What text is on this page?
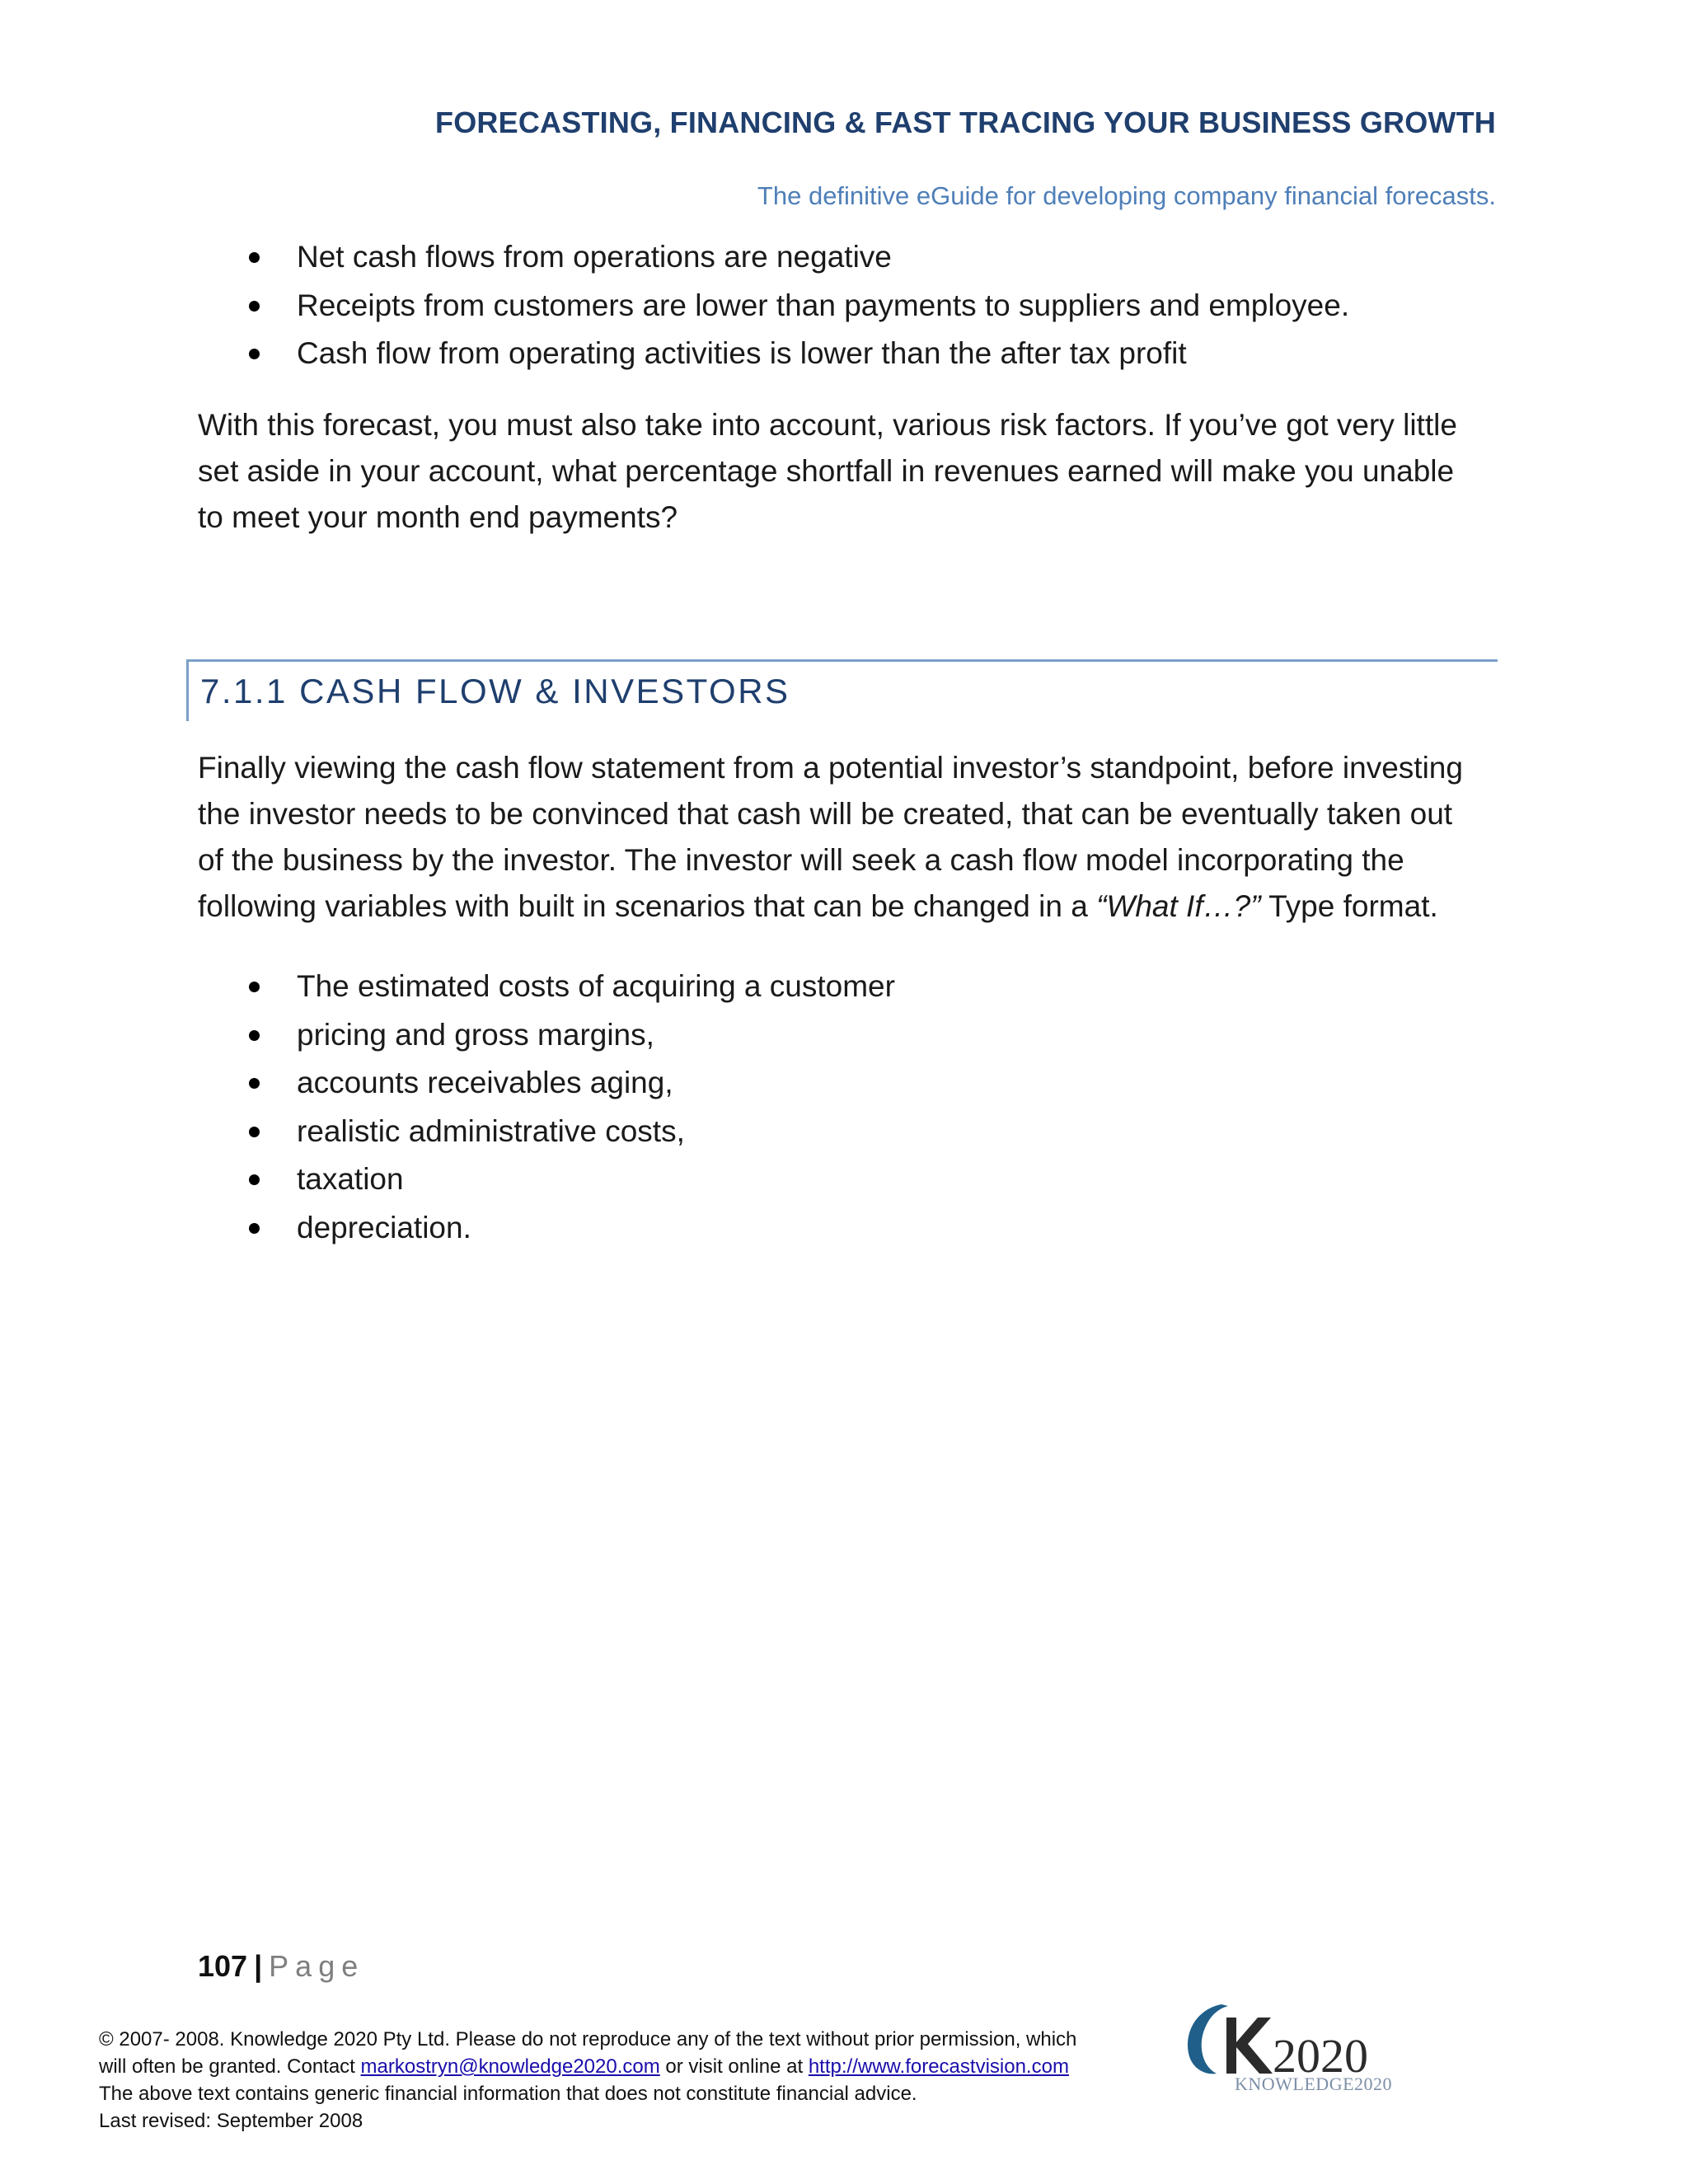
FORECASTING, FINANCING & FAST TRACING YOUR BUSINESS GROWTH
The definitive eGuide for developing company financial forecasts.
Net cash flows from operations are negative
Receipts from customers are lower than payments to suppliers and employee.
Cash flow from operating activities is lower than the after tax profit

With this forecast, you must also take into account, various risk factors. If you’ve got very little
set aside in your account, what percentage shortfall in revenues earned will make you unable
to meet your month end payments?

7.1.1 CASH FLOW & INVESTORS

Finally viewing the cash flow statement from a potential investor’s standpoint, before investing
the investor needs to be convinced that cash will be created, that can be eventually taken out
of the business by the investor. The investor will seek a cash flow model incorporating the
following variables with built in scenarios that can be changed in a “What If…?” Type format.

The estimated costs of acquiring a customer
pricing and gross margins,
accounts receivables aging,
realistic administrative costs,
taxation
depreciation.
107 | Page
© 2007- 2008. Knowledge 2020 Pty Ltd. Please do not reproduce any of the text without prior permission, which
will often be granted. Contact markostryn@knowledge2020.com or visit online at http://www.forecastvision.com
The above text contains generic financial information that does not constitute financial advice.
Last revised: September 2008
2020
KNOWLEDGE2020
